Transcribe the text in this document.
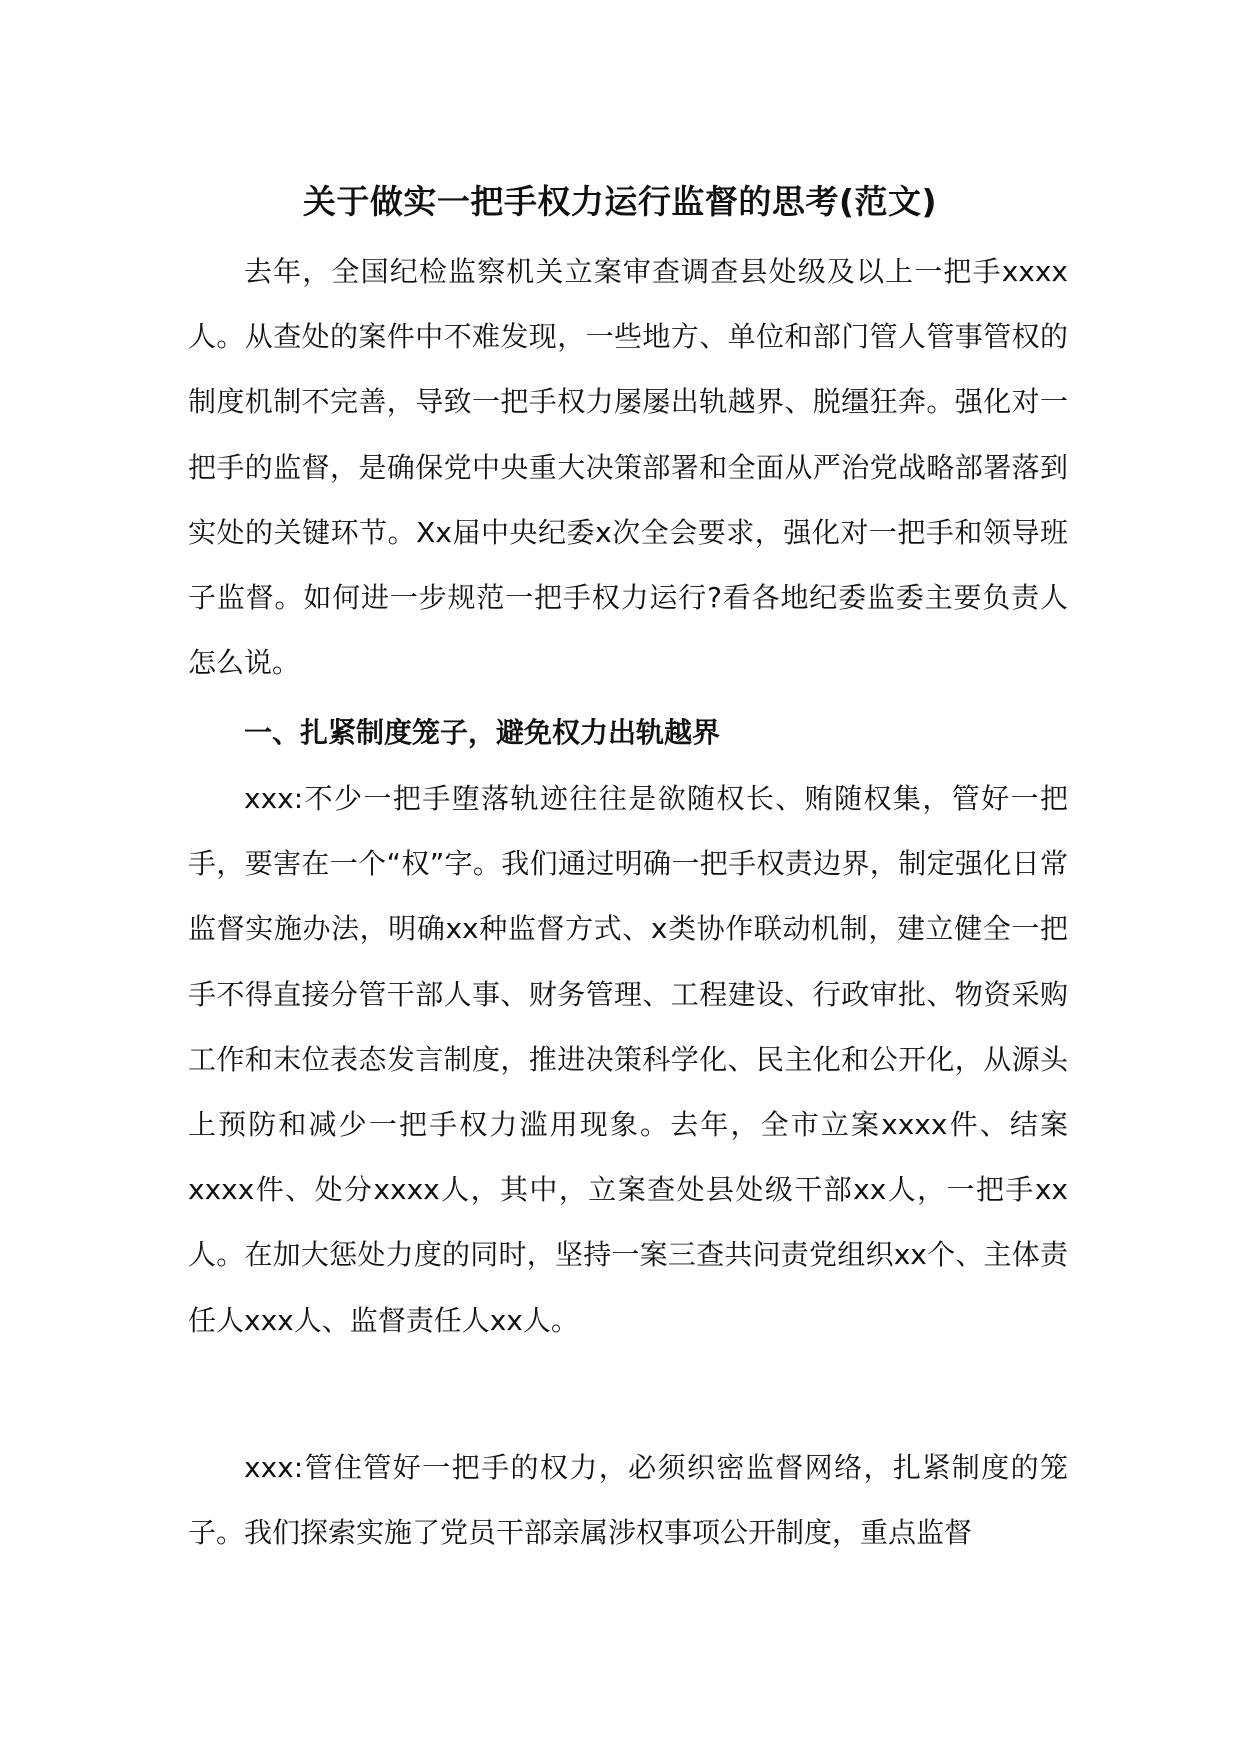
关于做实一把手权力运行监督的思考(范文)

去年，全国纪检监察机关立案审查调查县处级及以上一把手xxxx人。从查处的案件中不难发现，一些地方、单位和部门管人管事管权的制度机制不完善，导致一把手权力屡屡出轨越界、脱缰狂奔。强化对一把手的监督，是确保党中央重大决策部署和全面从严治党战略部署落到实处的关键环节。Xx届中央纪委x次全会要求，强化对一把手和领导班子监督。如何进一步规范一把手权力运行?看各地纪委监委主要负责人怎么说。

一、扎紧制度笼子，避免权力出轨越界

xxx:不少一把手堕落轨迹往往是欲随权长、贿随权集，管好一把手，要害在一个“权”字。我们通过明确一把手权责边界，制定强化日常监督实施办法，明确xx种监督方式、x类协作联动机制，建立健全一把手不得直接分管干部人事、财务管理、工程建设、行政审批、物资采购工作和末位表态发言制度，推进决策科学化、民主化和公开化，从源头上预防和减少一把手权力滥用现象。去年，全市立案xxxx件、结案xxxx件、处分xxxx人，其中，立案查处县处级干部xx人，一把手xx人。在加大惩处力度的同时，坚持一案三查共问责党组织xx个、主体责任人xxx人、监督责任人xx人。

xxx:管住管好一把手的权力，必须织密监督网络，扎紧制度的笼子。我们探索实施了党员干部亲属涉权事项公开制度，重点监督
